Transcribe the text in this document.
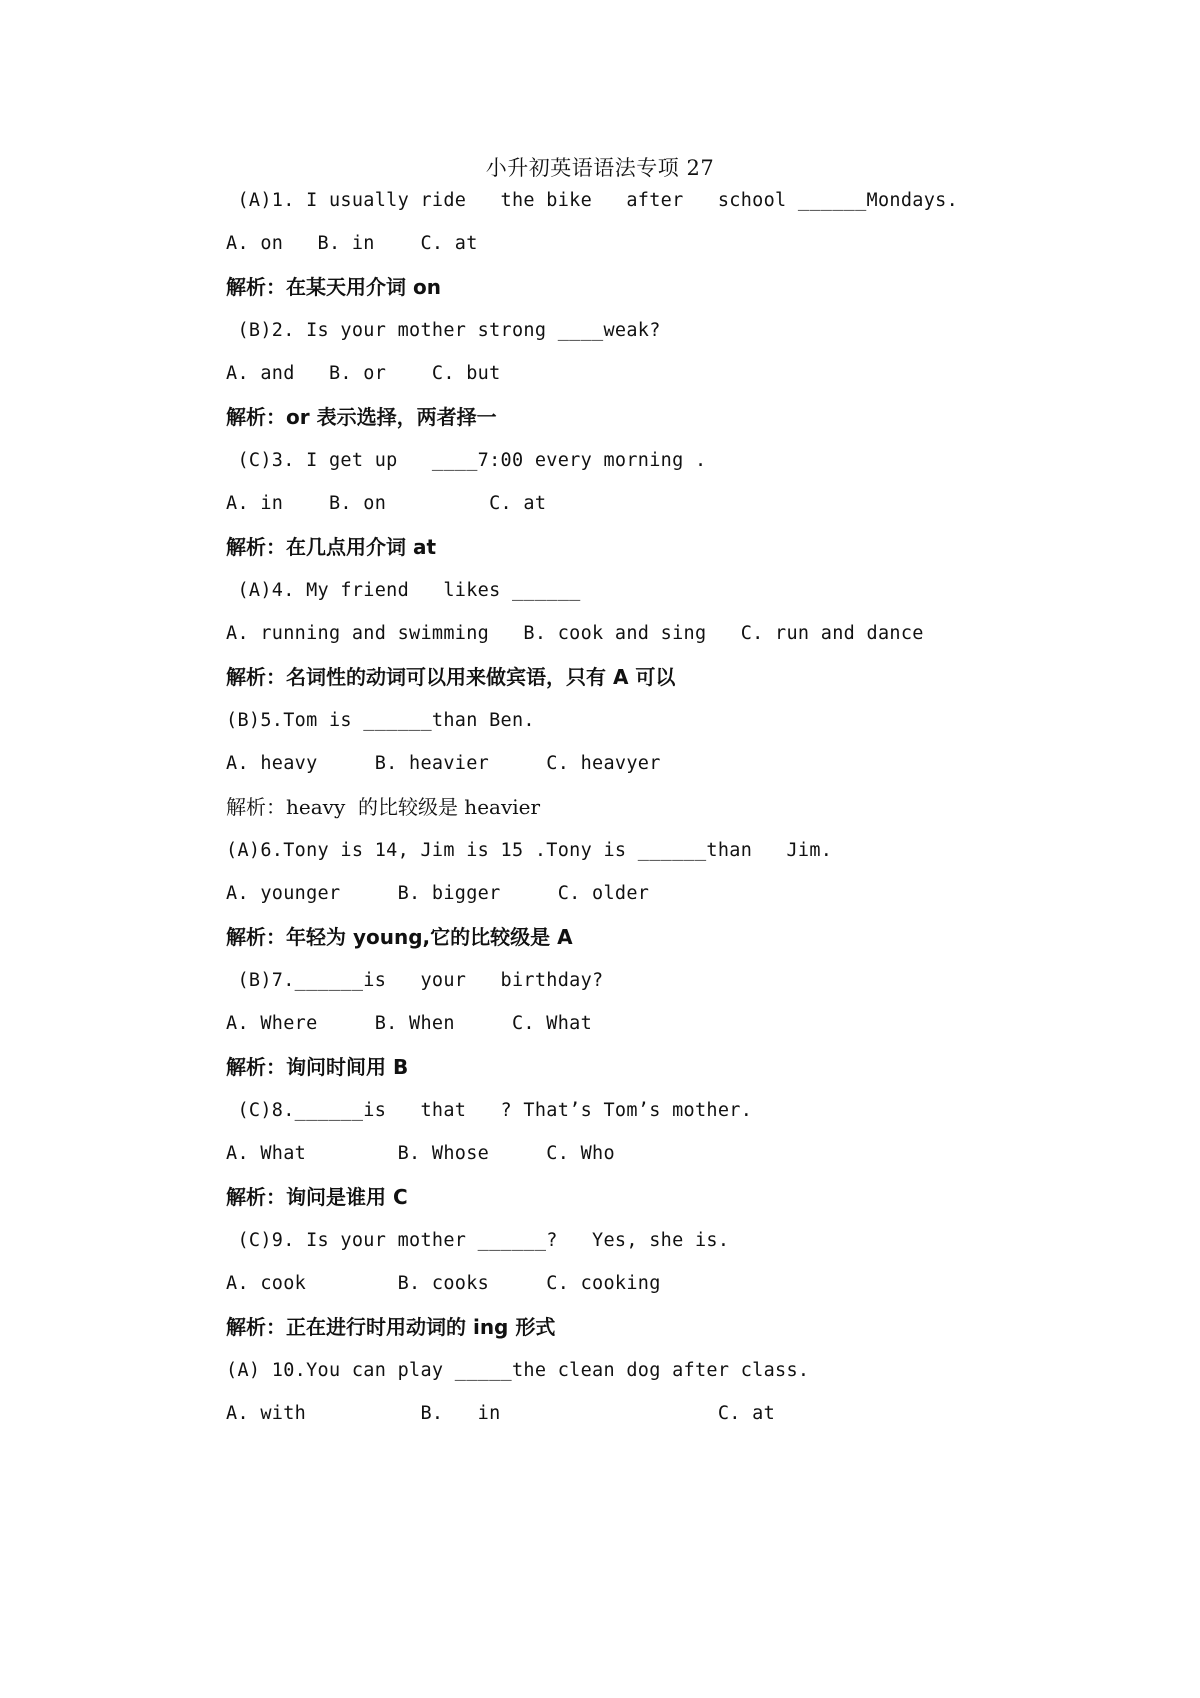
小升初英语语法专项 27
(A)1. I usually ride   the bike   after   school ______Mondays.
A. on   B. in    C. at
解析：在某天用介词 on
(B)2. Is your mother strong ____weak?
A. and   B. or    C. but
解析：or 表示选择，两者择一
(C)3. I get up   ____7:00 every morning .
A. in    B. on         C. at
解析：在几点用介词 at
(A)4. My friend   likes ______
A. running and swimming   B. cook and sing   C. run and dance
解析：名词性的动词可以用来做宾语，只有 A 可以
(B)5.Tom is ______than Ben.
A. heavy     B. heavier     C. heavyer
解析：heavy  的比较级是 heavier
(A)6.Tony is 14, Jim is 15 .Tony is ______than   Jim.
A. younger     B. bigger     C. older
解析：年轻为 young,它的比较级是 A
(B)7.______is   your   birthday?
A. Where     B. When     C. What
解析：询问时间用 B
(C)8.______is   that   ? That’s Tom’s mother.
A. What        B. Whose     C. Who
解析：询问是谁用 C
(C)9. Is your mother ______?   Yes, she is.
A. cook        B. cooks     C. cooking
解析：正在进行时用动词的 ing 形式
(A) 10.You can play _____the clean dog after class.
A. with          B.   in                   C. at
